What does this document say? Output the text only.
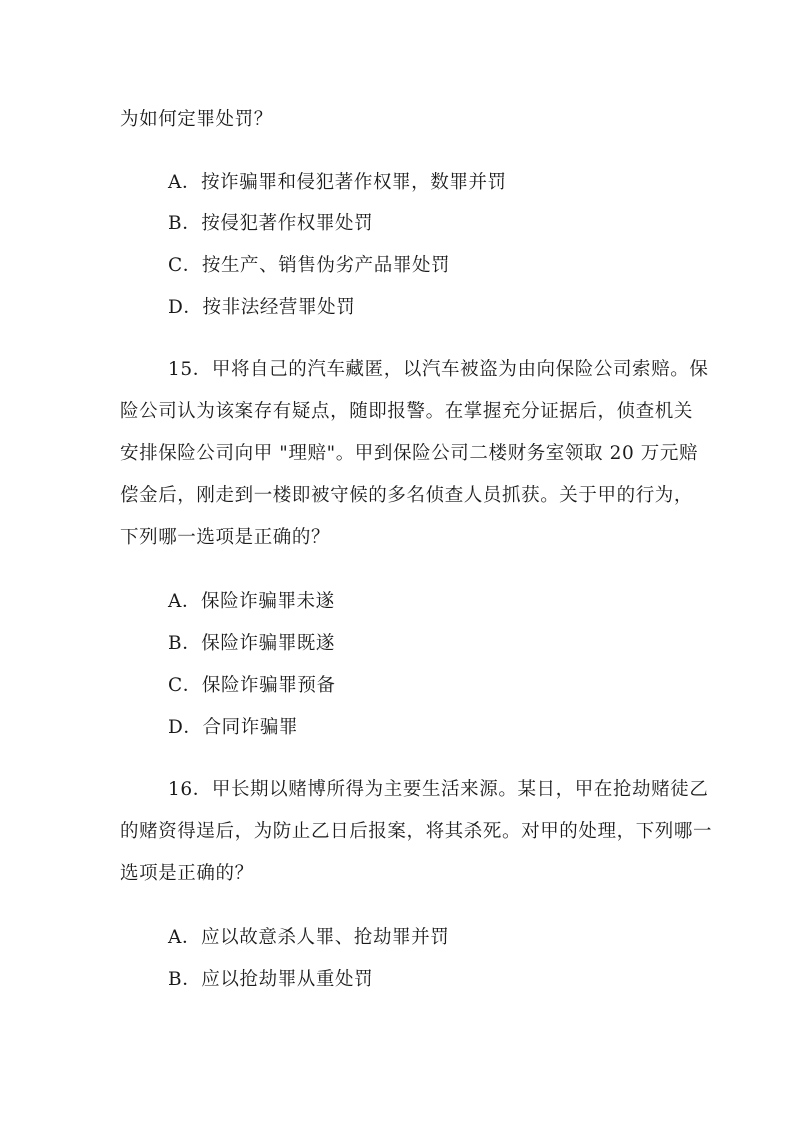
为如何定罪处罚？
A．按诈骗罪和侵犯著作权罪，数罪并罚
B．按侵犯著作权罪处罚
C．按生产、销售伪劣产品罪处罚
D．按非法经营罪处罚
15．甲将自己的汽车藏匿，以汽车被盗为由向保险公司索赔。保
险公司认为该案存有疑点，随即报警。在掌握充分证据后，侦查机关
安排保险公司向甲 "理赔"。甲到保险公司二楼财务室领取 20 万元赔
偿金后，刚走到一楼即被守候的多名侦查人员抓获。关于甲的行为，
下列哪一选项是正确的？
A．保险诈骗罪未遂
B．保险诈骗罪既遂
C．保险诈骗罪预备
D．合同诈骗罪
16．甲长期以赌博所得为主要生活来源。某日，甲在抢劫赌徒乙
的赌资得逞后，为防止乙日后报案，将其杀死。对甲的处理，下列哪一
选项是正确的？
A．应以故意杀人罪、抢劫罪并罚
B．应以抢劫罪从重处罚
